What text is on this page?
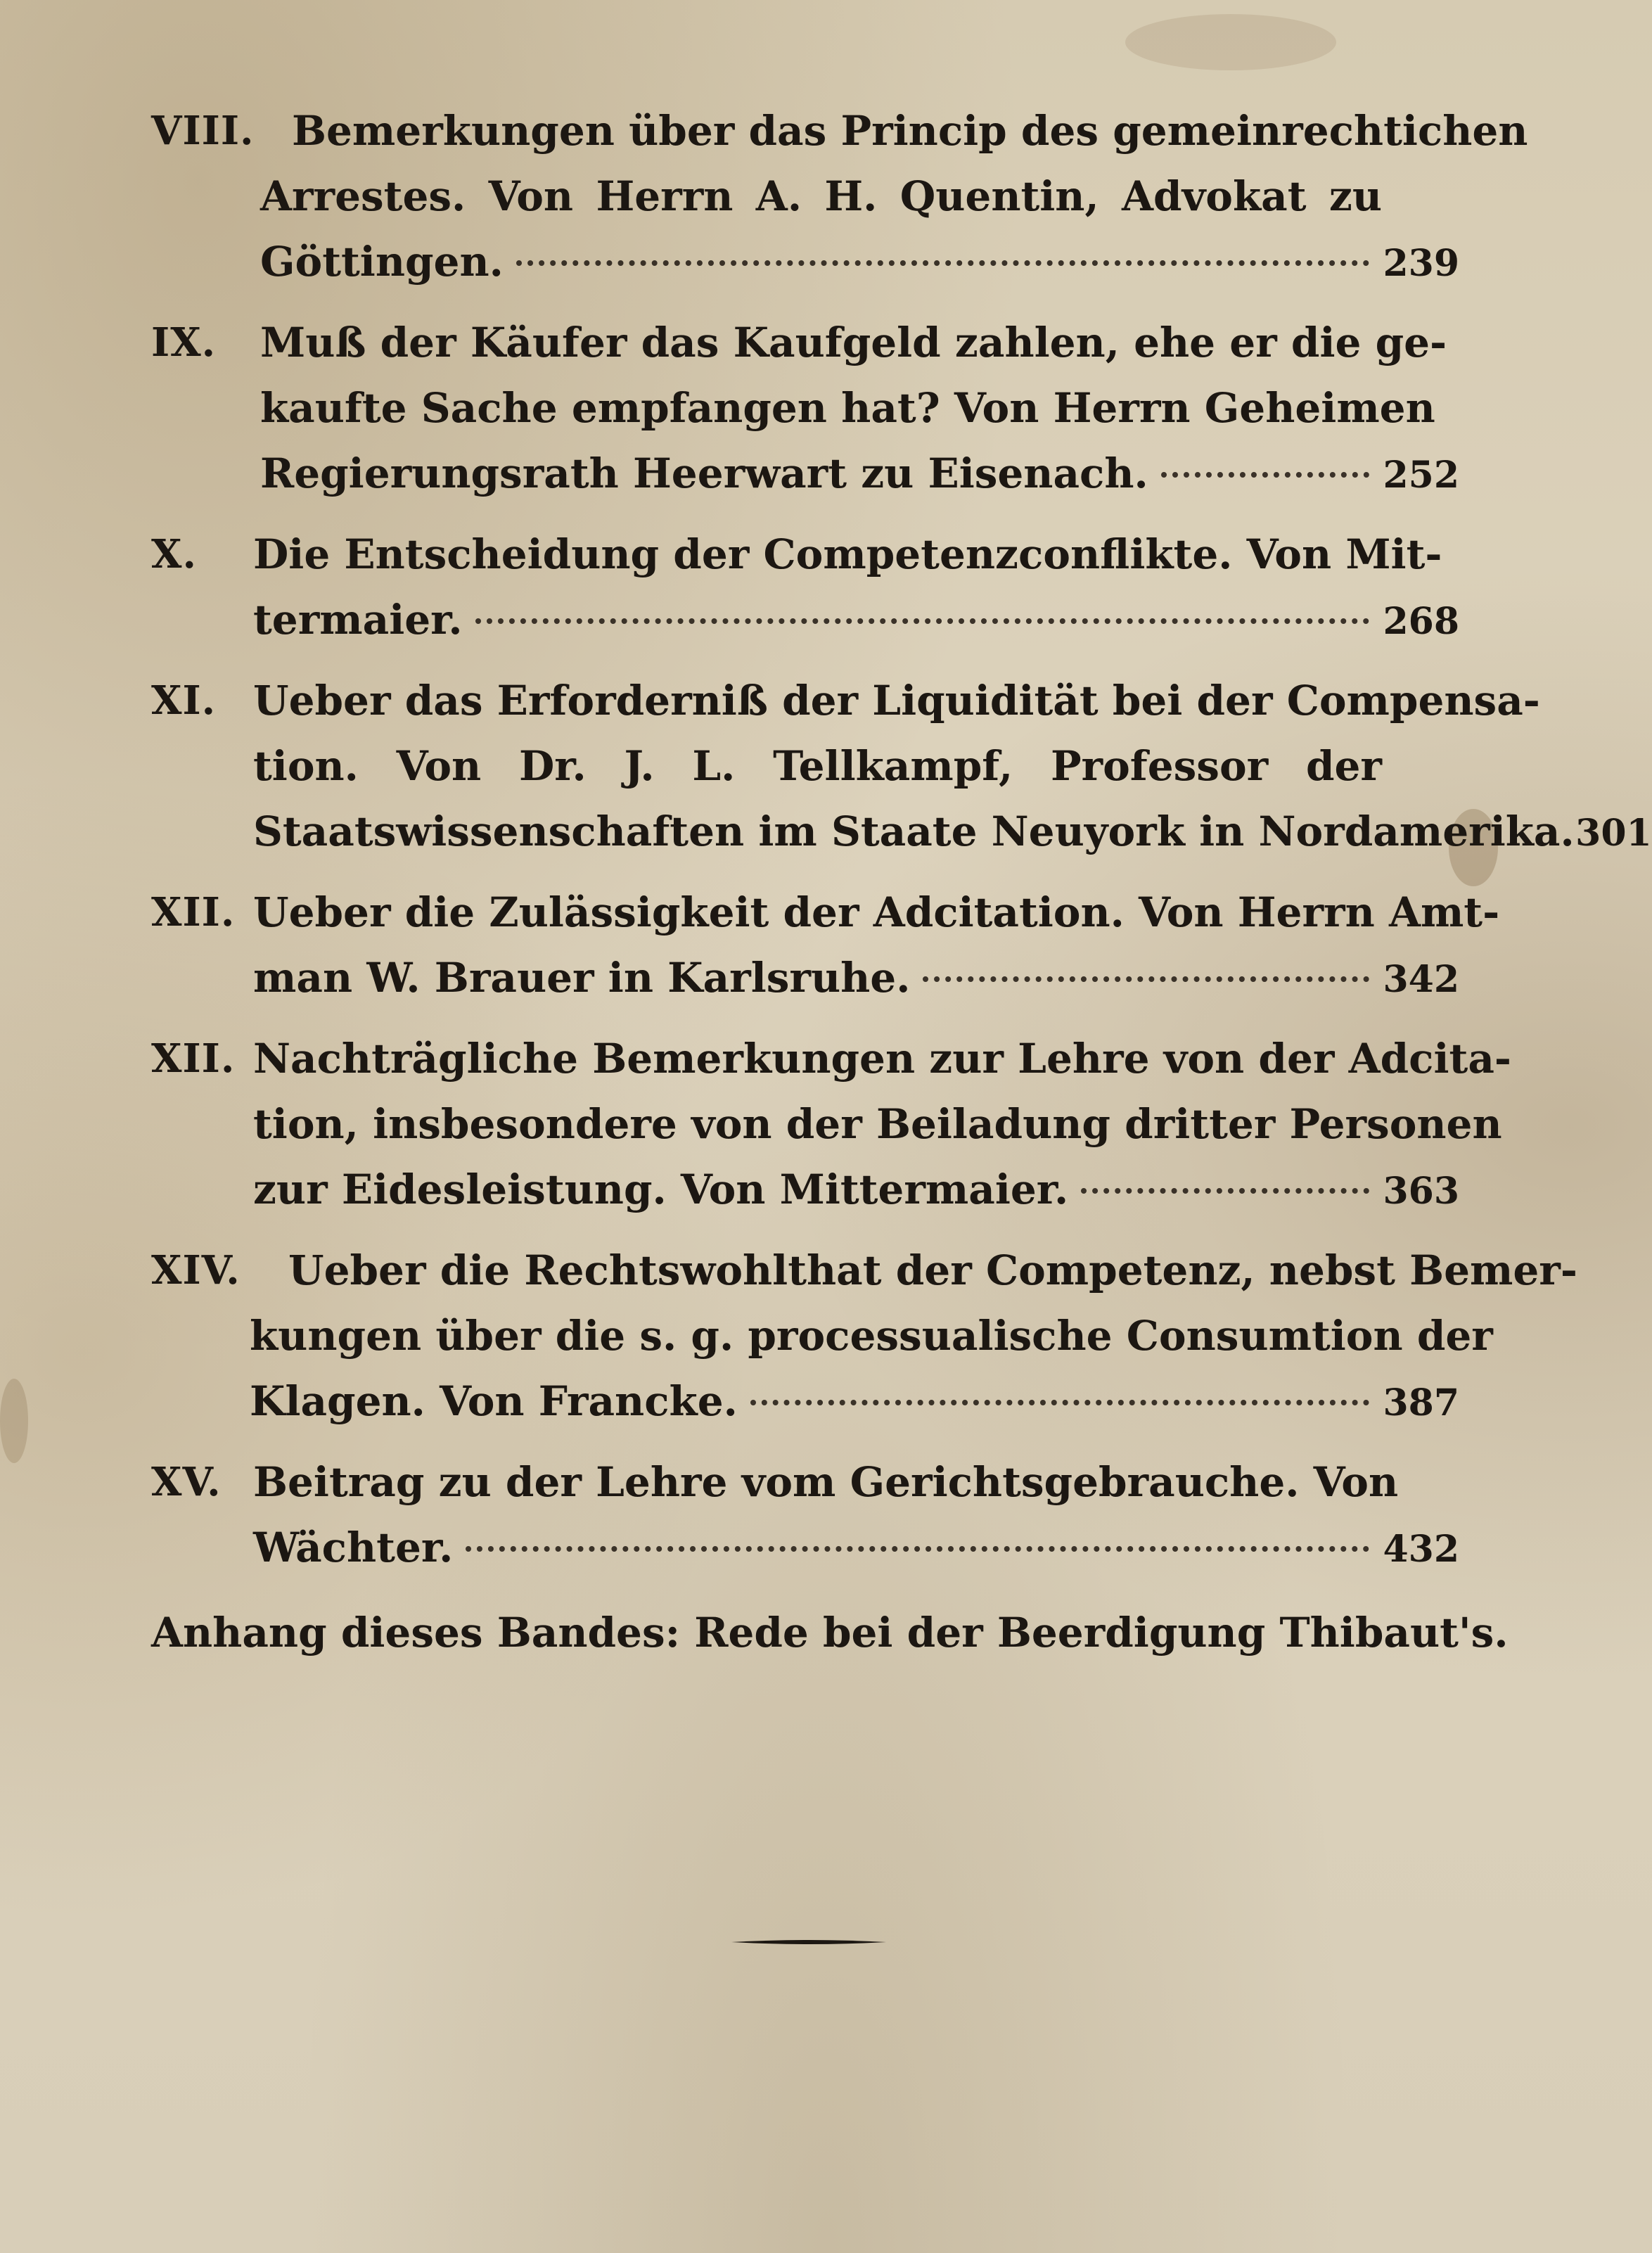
VIII. Bemerkungen über das Princip des gemeinrechtichen
Arrestes. Von Herrn A. H. Quentin, Advokat zu
Göttingen.	239
IX. Muß der Käufer das Kaufgeld zahlen, ehe er die ge-
kaufte Sache empfangen hat? Von Herrn Geheimen
Regierungsrath Heerwart zu Eisenach.	252
X. Die Entscheidung der Competenzconflikte. Von Mit-
termaier.	268
XI. Ueber das Erforderniß der Liquidität bei der Compensa-
tion. Von Dr. J. L. Tellkampf, Professor der
Staatswissenschaften im Staate Neuyork in Nordamerika. 301
XII. Ueber die Zulässigkeit der Adcitation. Von Herrn Amt-
man W. Brauer in Karlsruhe.	342
XII. Nachträgliche Bemerkungen zur Lehre von der Adcita-
tion, insbesondere von der Beiladung dritter Personen
zur Eidesleistung. Von Mittermaier.	363
XIV. Ueber die Rechtswohlthat der Competenz, nebst Bemer-
kungen über die s. g. processualische Consumtion der
Klagen. Von Francke.	387
XV. Beitrag zu der Lehre vom Gerichtsgebrauche. Von
Wächter.	432
Anhang dieses Bandes: Rede bei der Beerdigung Thibaut's.
